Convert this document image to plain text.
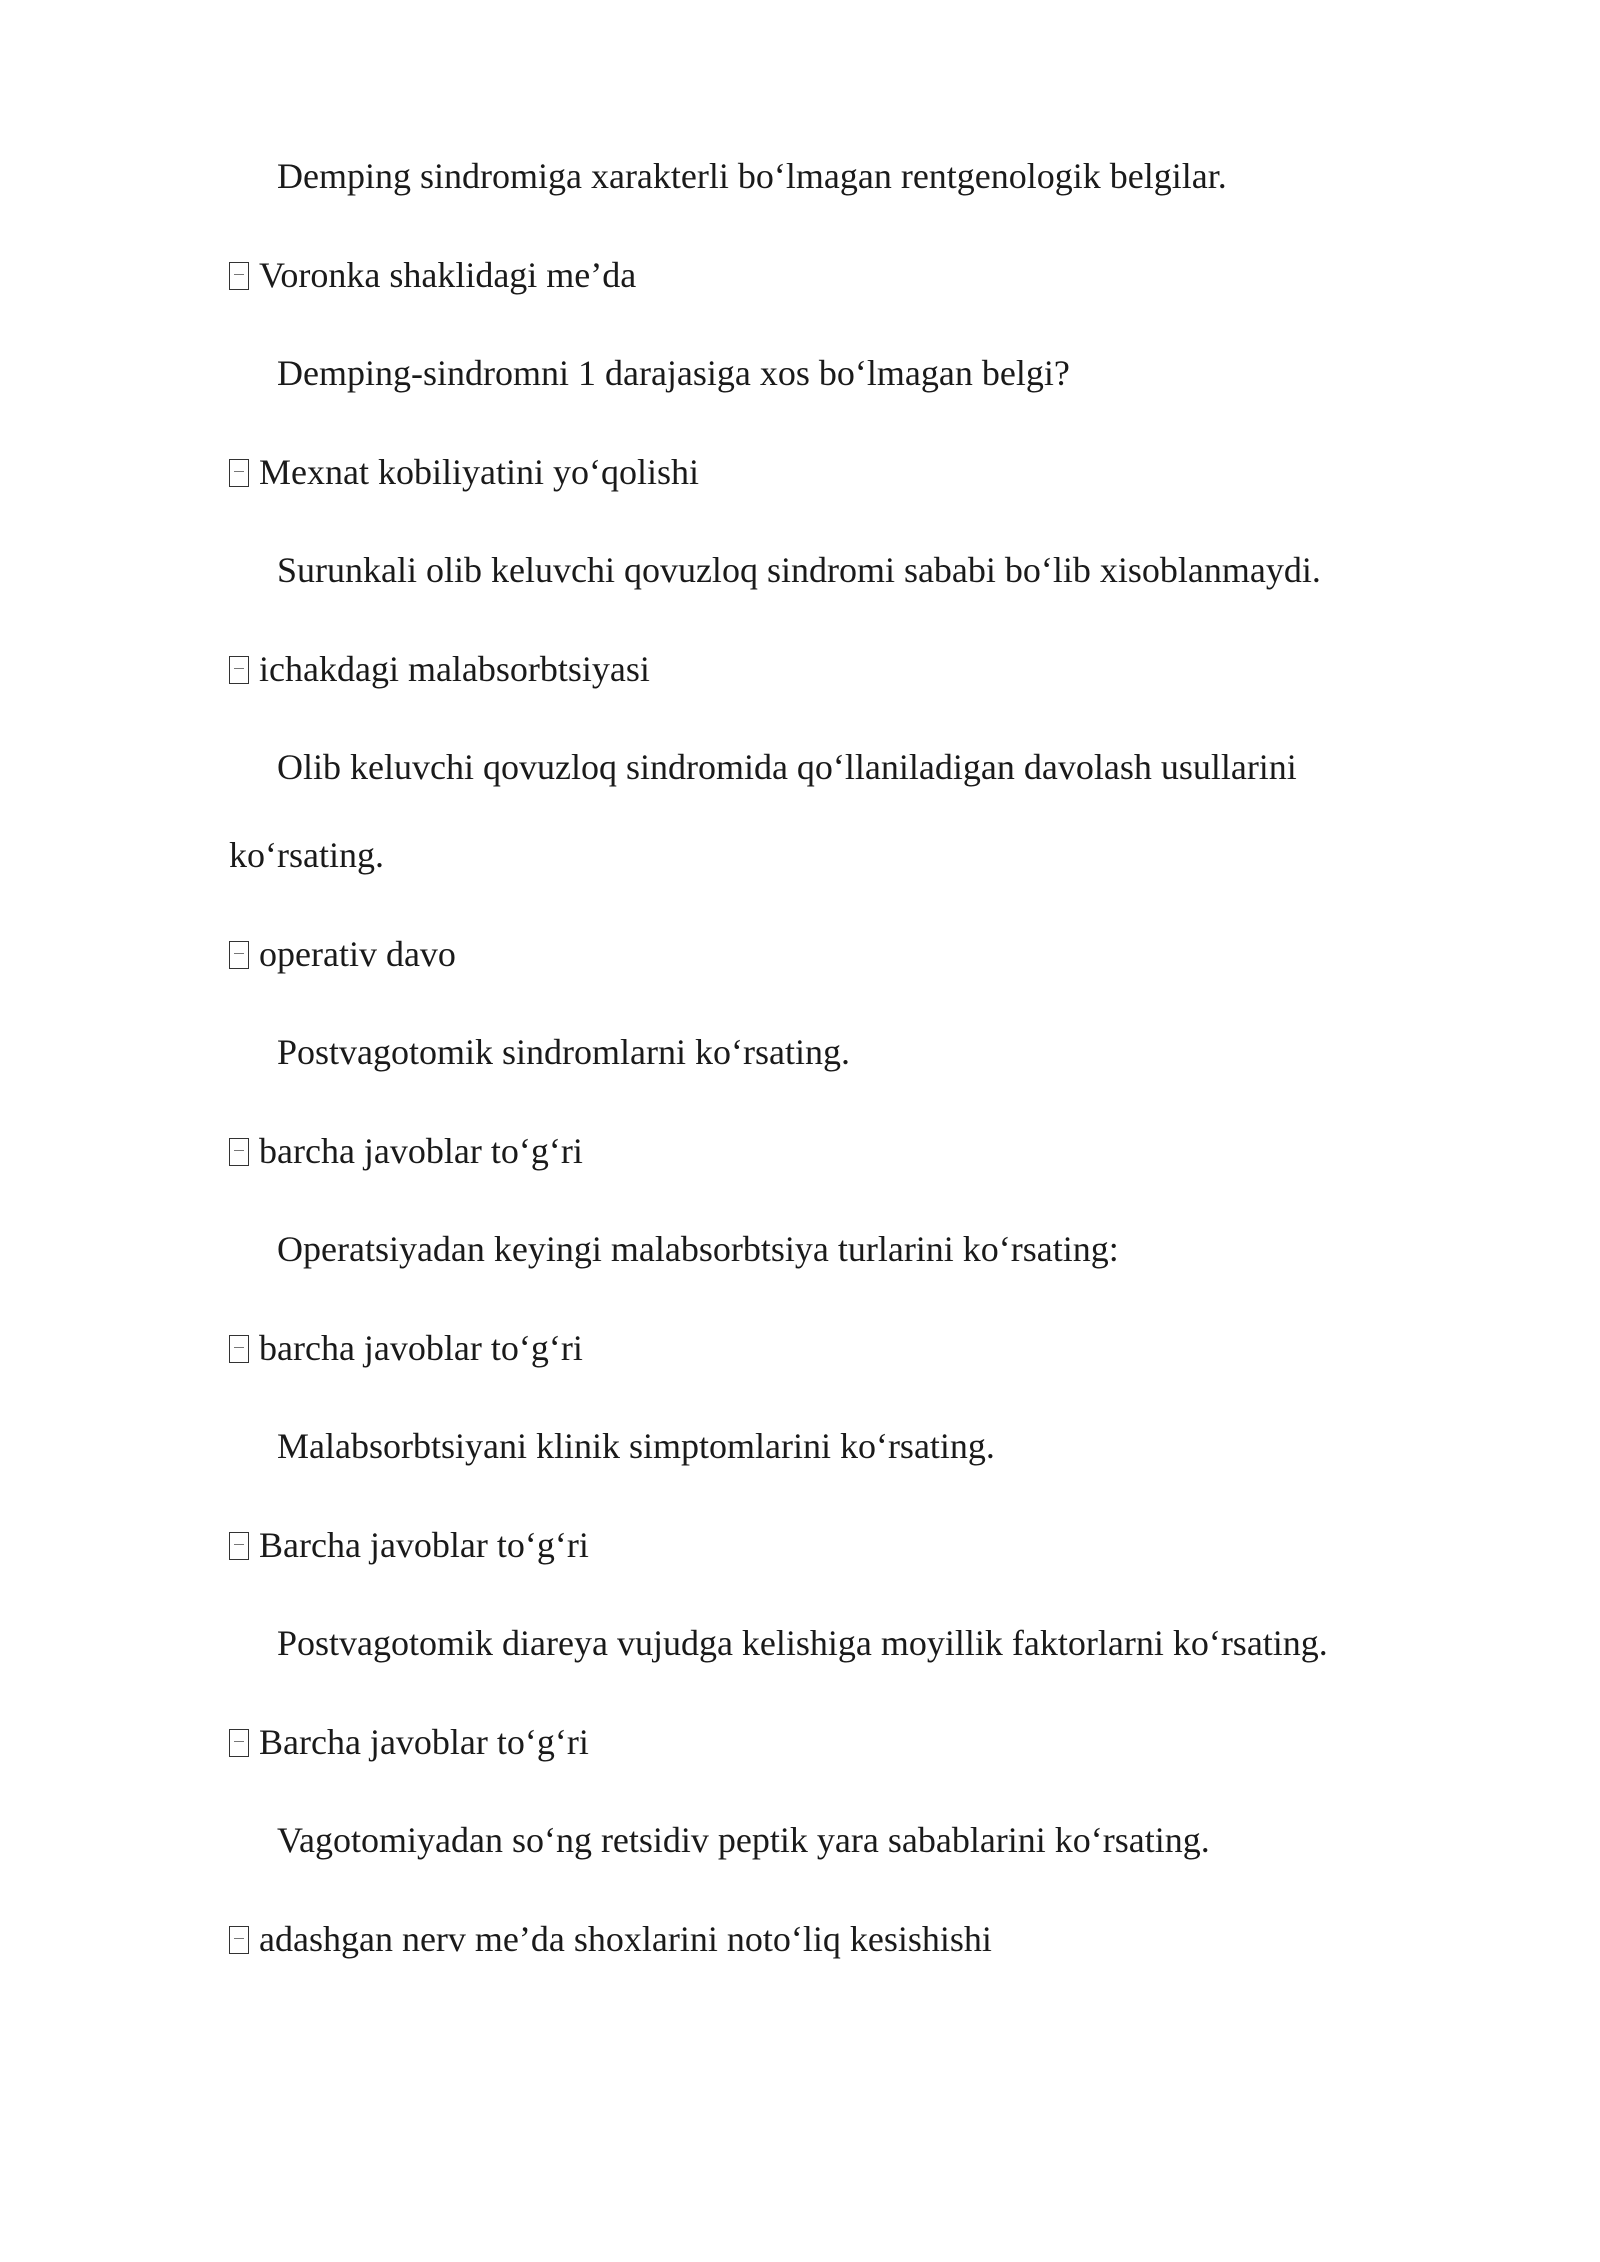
Demping sindromiga xarakterli bo‘lmagan rentgenologik belgilar.
Voronka shaklidagi me’da
Demping-sindromni 1 darajasiga xos bo‘lmagan belgi?
Mexnat kobiliyatini yo‘qolishi
Surunkali olib keluvchi qovuzloq sindromi sababi bo‘lib xisoblanmaydi.
ichakdagi malabsorbtsiyasi
Olib keluvchi qovuzloq sindromida qo‘llaniladigan davolash usullarini
ko‘rsating.
operativ davo
Postvagotomik sindromlarni ko‘rsating.
barcha javoblar to‘g‘ri
Operatsiyadan keyingi malabsorbtsiya turlarini ko‘rsating:
barcha javoblar to‘g‘ri
Malabsorbtsiyani klinik simptomlarini ko‘rsating.
Barcha javoblar to‘g‘ri
Postvagotomik diareya vujudga kelishiga moyillik faktorlarni ko‘rsating.
Barcha javoblar to‘g‘ri
Vagotomiyadan so‘ng retsidiv peptik yara sabablarini ko‘rsating.
adashgan nerv me’da shoxlarini noto‘liq kesishishi
